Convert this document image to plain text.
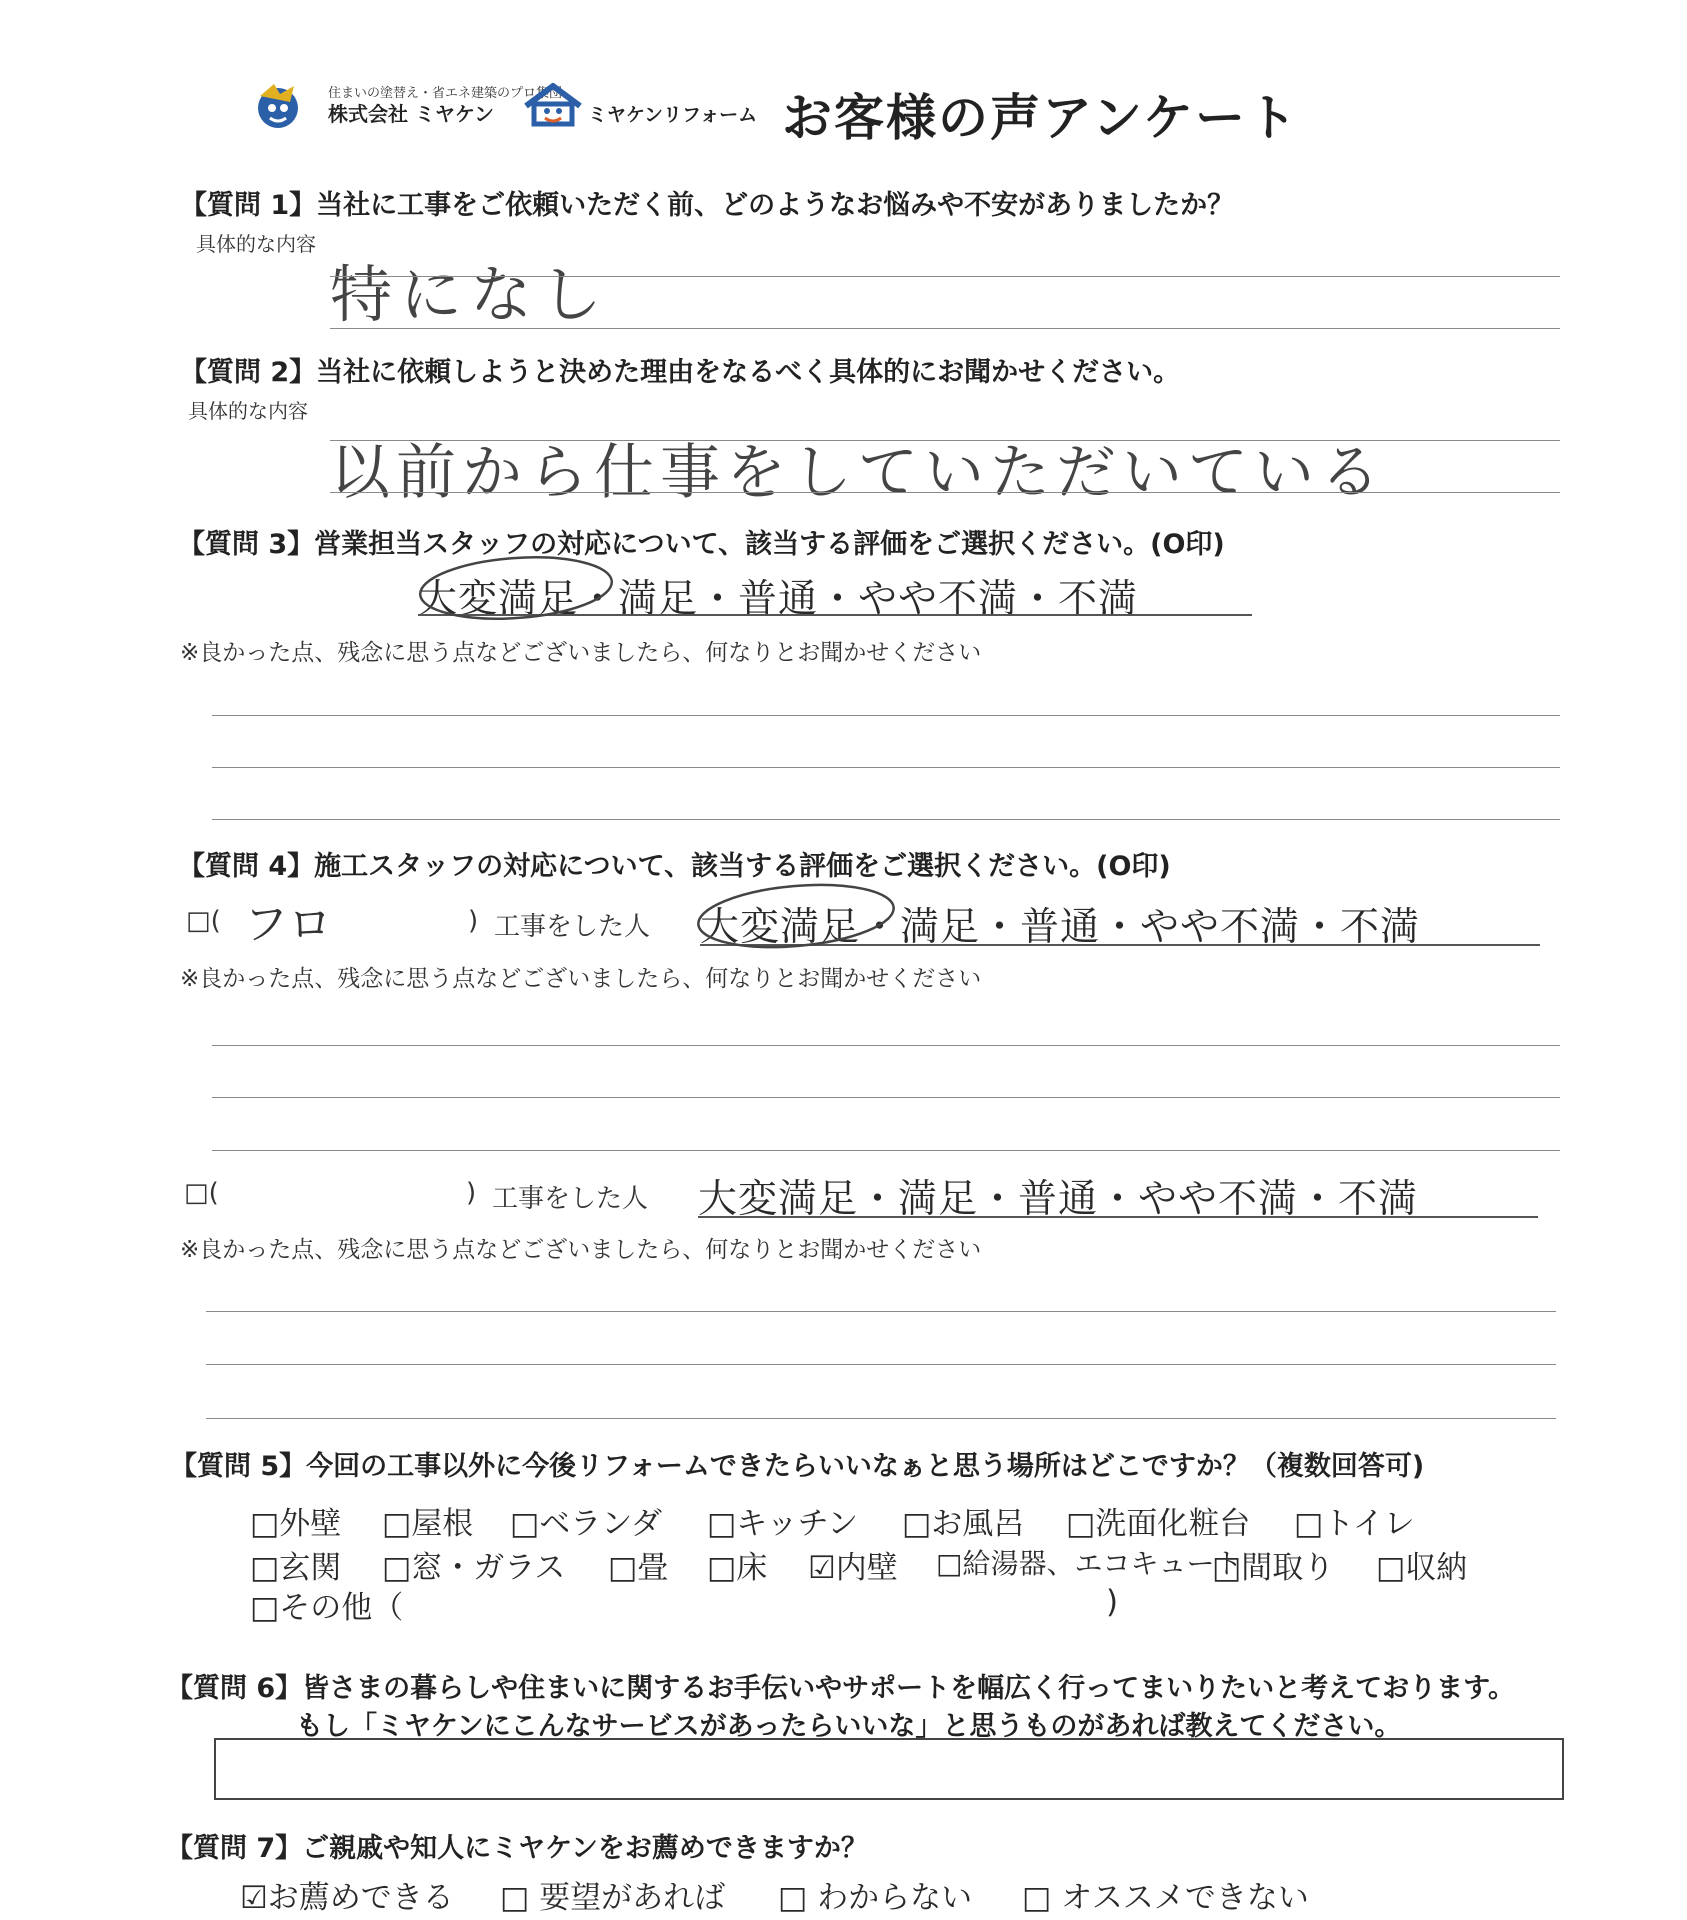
住まいの塗替え・省エネ建築のプロ集団
株式会社 ミヤケン	ミヤケンリフォーム お客様の声アンケート
【質問 1】当社に工事をご依頼いただく前、どのようなお悩みや不安がありましたか？
具体的な内容
特になし
【質問 2】当社に依頼しようと決めた理由をなるべく具体的にお聞かせください。
具体的な内容
以前から仕事をしていただいている
【質問 3】営業担当スタッフの対応について、該当する評価をご選択ください。(O印)
大変満足・満足・普通・やや不満・不満
※良かった点、残念に思う点などございましたら、何なりとお聞かせください
【質問 4】施工スタッフの対応について、該当する評価をご選択ください。(O印)
□( フロ	) 工事をした人 大変満足・満足・普通・やや不満・不満
※良かった点、残念に思う点などございましたら、何なりとお聞かせください
□(	) 工事をした人 大変満足・満足・普通・やや不満・不満
※良かった点、残念に思う点などございましたら、何なりとお聞かせください
【質問 5】今回の工事以外に今後リフォームできたらいいなぁと思う場所はどこですか？（複数回答可)
□外壁 □屋根 □ベランダ □キッチン □お風呂 □洗面化粧台 □トイレ
□玄関 □窓・ガラス □畳 □床 ☑内壁 □給湯器、エコキュート
□間取り □収納
□その他（	)
【質問 6】皆さまの暮らしや住まいに関するお手伝いやサポートを幅広く行ってまいりたいと考えております。
もし「ミヤケンにこんなサービスがあったらいいな」と思うものがあれば教えてください。
【質問 7】ご親戚や知人にミヤケンをお薦めできますか？
☑お薦めできる □ 要望があれば □ わからない □ オススメできない
